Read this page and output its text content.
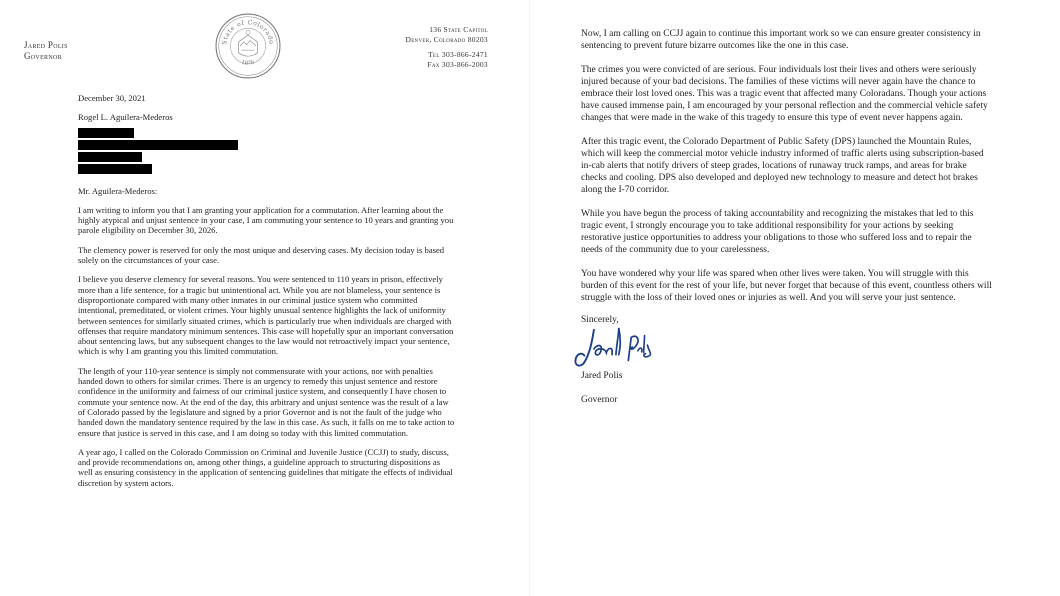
Jared Polis
Governor
State of Colorado
1876
136 State Capitol
Denver, Colorado 80203
Tel 303-866-2471
Fax 303-866-2003
December 30, 2021
Rogel L. Aguilera-Mederos

Mr. Aguilera-Mederos:

I am writing to inform you that I am granting your application for a commutation. After learning about the highly atypical and unjust sentence in your case, I am commuting your sentence to 10 years and granting you parole eligibility on December 30, 2026.

The clemency power is reserved for only the most unique and deserving cases. My decision today is based solely on the circumstances of your case.

I believe you deserve clemency for several reasons. You were sentenced to 110 years in prison, effectively more than a life sentence, for a tragic but unintentional act. While you are not blameless, your sentence is disproportionate compared with many other inmates in our criminal justice system who committed intentional, premeditated, or violent crimes. Your highly unusual sentence highlights the lack of uniformity between sentences for similarly situated crimes, which is particularly true when individuals are charged with offenses that require mandatory minimum sentences. This case will hopefully spur an important conversation about sentencing laws, but any subsequent changes to the law would not retroactively impact your sentence, which is why I am granting you this limited commutation.

The length of your 110-year sentence is simply not commensurate with your actions, nor with penalties handed down to others for similar crimes. There is an urgency to remedy this unjust sentence and restore confidence in the uniformity and fairness of our criminal justice system, and consequently I have chosen to commute your sentence now. At the end of the day, this arbitrary and unjust sentence was the result of a law of Colorado passed by the legislature and signed by a prior Governor and is not the fault of the judge who handed down the mandatory sentence required by the law in this case. As such, it falls on me to take action to ensure that justice is served in this case, and I am doing so today with this limited commutation.

A year ago, I called on the Colorado Commission on Criminal and Juvenile Justice (CCJJ) to study, discuss, and provide recommendations on, among other things, a guideline approach to structuring dispositions as well as ensuring consistency in the application of sentencing guidelines that mitigate the effects of individual discretion by system actors.

Now, I am calling on CCJJ again to continue this important work so we can ensure greater consistency in sentencing to prevent future bizarre outcomes like the one in this case.

The crimes you were convicted of are serious. Four individuals lost their lives and others were seriously injured because of your bad decisions. The families of these victims will never again have the chance to embrace their lost loved ones. This was a tragic event that affected many Coloradans. Though your actions have caused immense pain, I am encouraged by your personal reflection and the commercial vehicle safety changes that were made in the wake of this tragedy to ensure this type of event never happens again.

After this tragic event, the Colorado Department of Public Safety (DPS) launched the Mountain Rules, which will keep the commercial motor vehicle industry informed of traffic alerts using subscription-based in-cab alerts that notify drivers of steep grades, locations of runaway truck ramps, and areas for brake checks and cooling. DPS also developed and deployed new technology to measure and detect hot brakes along the I-70 corridor.

While you have begun the process of taking accountability and recognizing the mistakes that led to this tragic event, I strongly encourage you to take additional responsibility for your actions by seeking restorative justice opportunities to address your obligations to those who suffered loss and to repair the needs of the community due to your carelessness.

You have wondered why your life was spared when other lives were taken. You will struggle with this burden of this event for the rest of your life, but never forget that because of this event, countless others will struggle with the loss of their loved ones or injuries as well. And you will serve your just sentence.

Sincerely,

Jared Polis

Governor
